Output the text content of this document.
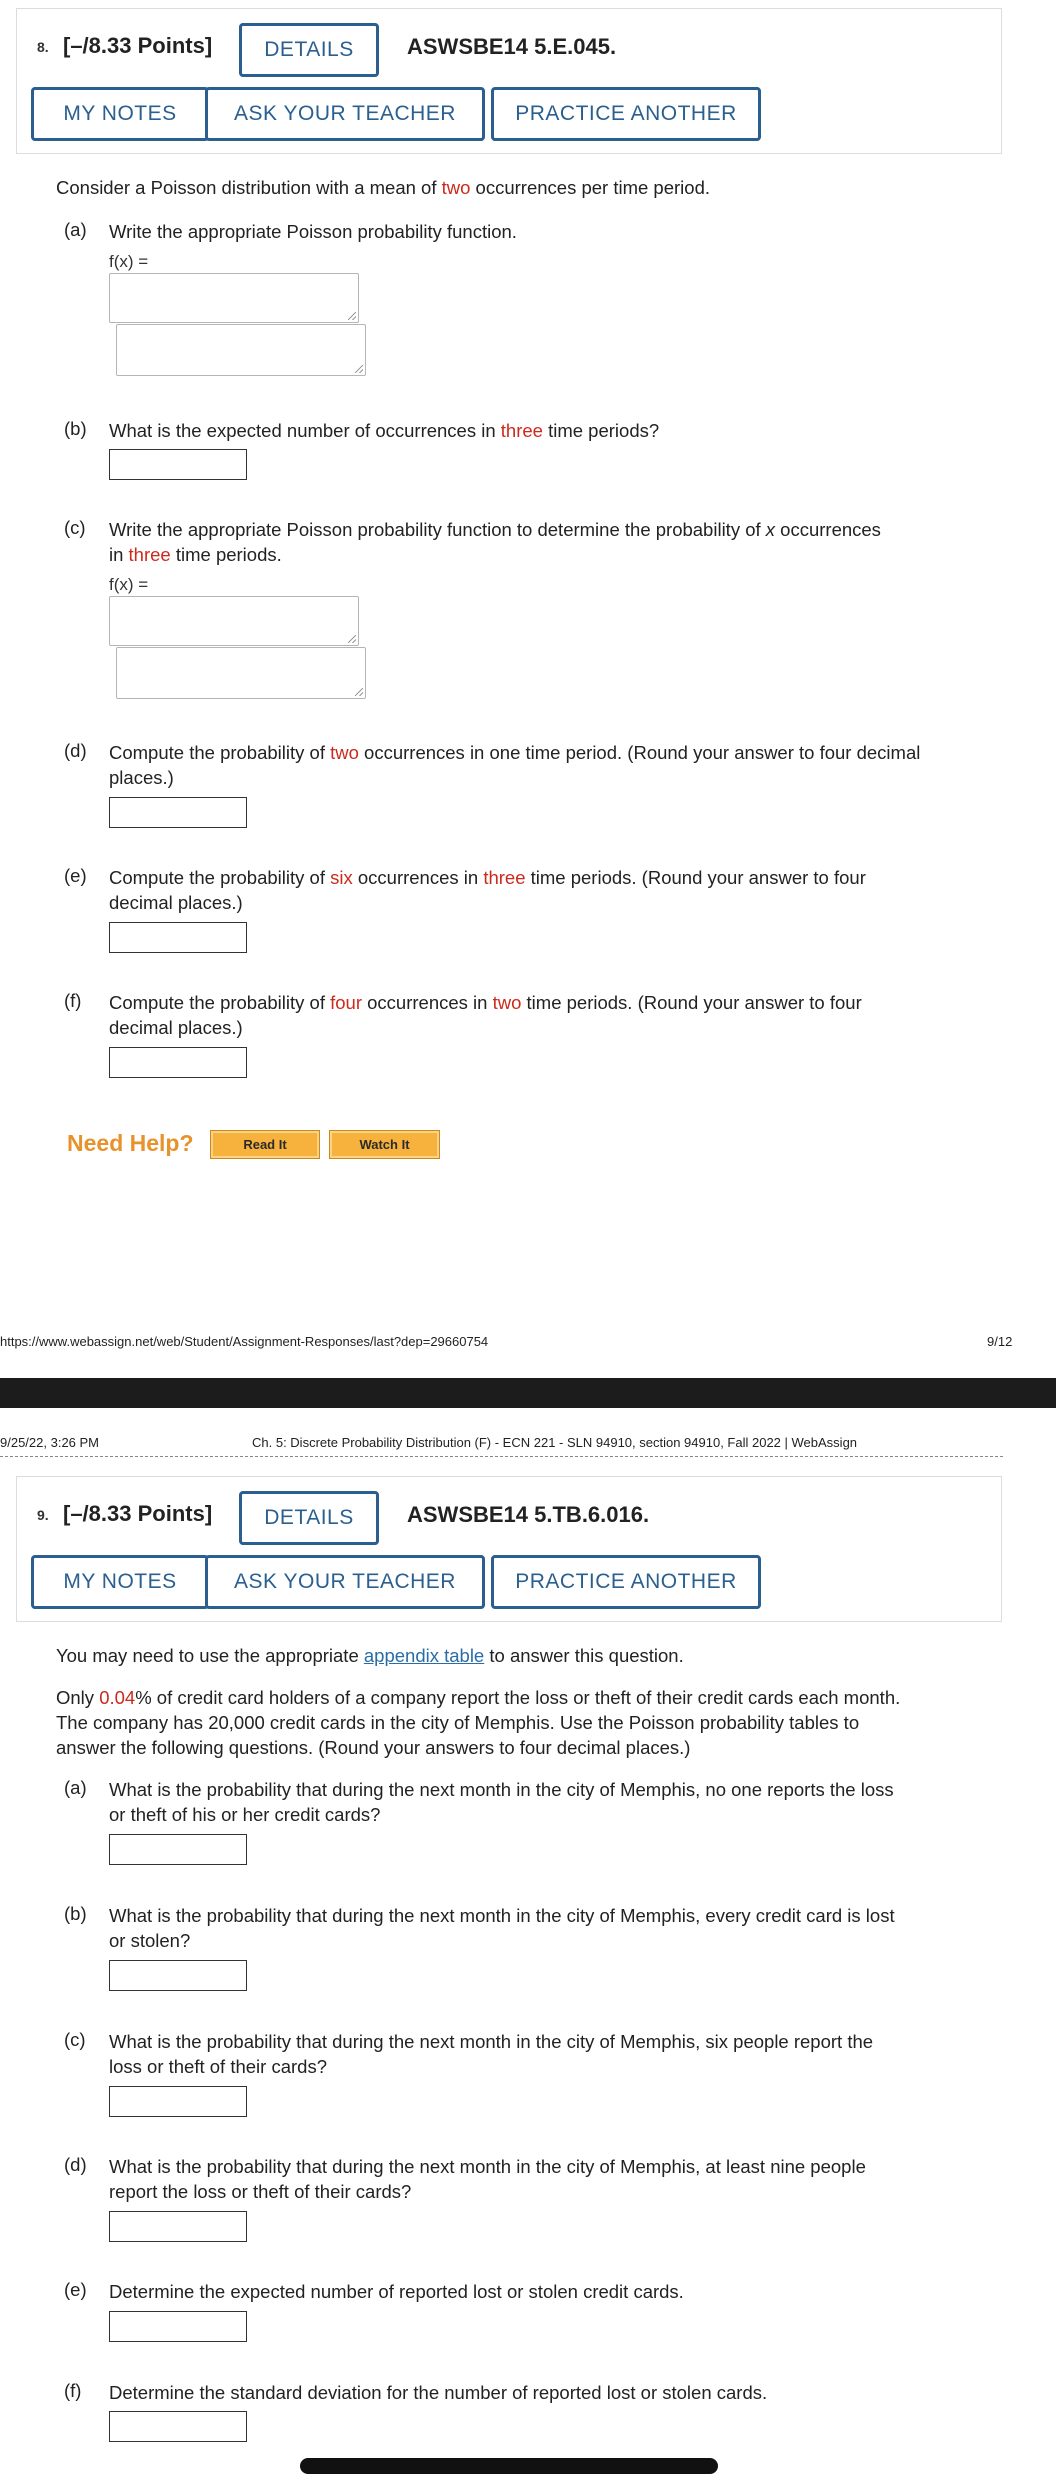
8. [–/8.33 Points]	DETAILS	ASWSBE14 5.E.045.
MY NOTES	ASK YOUR TEACHER	PRACTICE ANOTHER
Consider a Poisson distribution with a mean of two occurrences per time period.
(a) Write the appropriate Poisson probability function.
f(x) =
(b) What is the expected number of occurrences in three time periods?
(c) Write the appropriate Poisson probability function to determine the probability of x occurrences
in three time periods.
f(x) =
(d) Compute the probability of two occurrences in one time period. (Round your answer to four decimal
places.)
(e) Compute the probability of six occurrences in three time periods. (Round your answer to four
decimal places.)
(f) Compute the probability of four occurrences in two time periods. (Round your answer to four
decimal places.)
Need Help?	Read It	Watch It
https://www.webassign.net/web/Student/Assignment-Responses/last?dep=29660754	9/12
9/25/22, 3:26 PM	Ch. 5: Discrete Probability Distribution (F) - ECN 221 - SLN 94910, section 94910, Fall 2022 | WebAssign
9. [–/8.33 Points]	DETAILS	ASWSBE14 5.TB.6.016.
MY NOTES	ASK YOUR TEACHER	PRACTICE ANOTHER
You may need to use the appropriate appendix table to answer this question.
Only 0.04% of credit card holders of a company report the loss or theft of their credit cards each month.
The company has 20,000 credit cards in the city of Memphis. Use the Poisson probability tables to
answer the following questions. (Round your answers to four decimal places.)
(a) What is the probability that during the next month in the city of Memphis, no one reports the loss
or theft of his or her credit cards?
(b) What is the probability that during the next month in the city of Memphis, every credit card is lost
or stolen?
(c) What is the probability that during the next month in the city of Memphis, six people report the
loss or theft of their cards?
(d) What is the probability that during the next month in the city of Memphis, at least nine people
report the loss or theft of their cards?
(e) Determine the expected number of reported lost or stolen credit cards.
(f) Determine the standard deviation for the number of reported lost or stolen cards.
